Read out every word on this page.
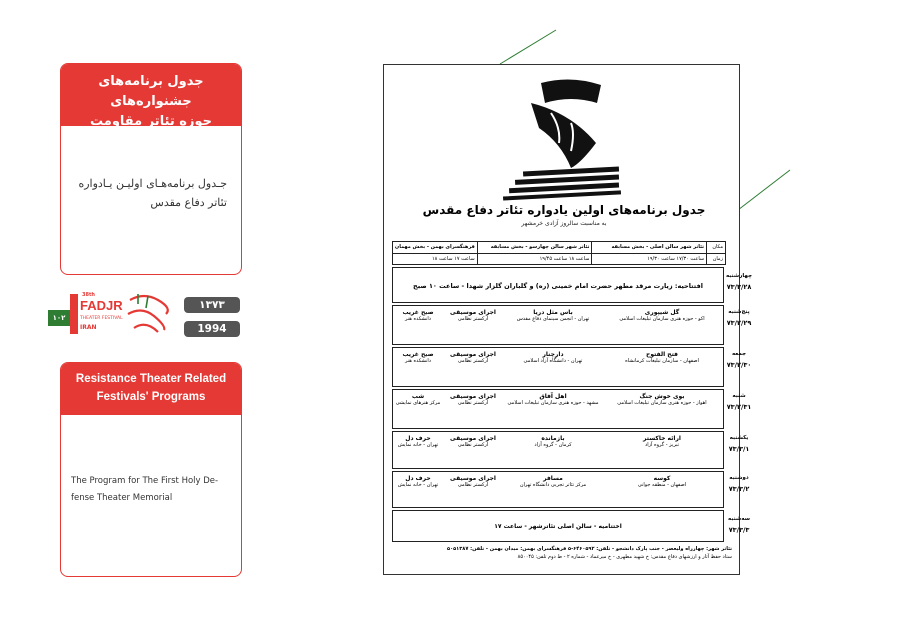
جدول برنامه‌های جشنواره‌های
حوزه تئاتر مقاومت
جـدول برنامه‌هـای اولیـن یـادواره
تئاتر دفاع مقدس
۱۰۲
38th
FADJR
THEATER FESTIVAL
IRAN
۱۳۷۳
1994
Resistance Theater Related
Festivals' Programs
The Program for The First Holy De-
fense Theater Memorial
جدول برنامه‌های اولین یادواره تئاتر دفاع مقدس
به مناسبت سالروز آزادی خرمشهر
مکان
تئاتر شهر سالن اصلی - بخش مسابقه
تئاتر شهر سالن چهارسو - بخش مسابقه
فرهنگسرای بهمن - بخش مهمان
زمان
ساعت ۱۷/۳۰ ساعت ۱۹/۳۰
ساعت ۱۸ ساعت ۱۹/۴۵
ساعت ۱۷ ساعت ۱۸
افتتاحیه: زیارت مرقد مطهر حضرت امام خمینی (ره) و گلباران گلزار شهدا - ساعت ۱۰ صبح
چهارشنبه
۷۳/۳/۲۸
پنج‌شنبه
۷۳/۲/۲۹
گل شیپوری
اکو - حوزه هنری سازمان تبلیغات اسلامی
باس مثل دریا
تهران - انجمن سینمای دفاع مقدس
اجرای موسیقی
ارکستر نظامی
صبح غریب
دانشکده هنر
جمعه
۷۳/۲/۳۰
فتح الفتوح
اصفهان - سازمان تبلیغات کرمانشاه
دارچنار
تهران - دانشگاه آزاد اسلامی
اجرای موسیقی
ارکستر نظامی
صبح غریب
دانشکده هنر
شنبه
۷۳/۲/۳۱
بوی خوش جنگ
اهواز - حوزه هنری سازمان تبلیغات اسلامی
اهل آفاق
مشهد - حوزه هنری سازمان تبلیغات اسلامی
اجرای موسیقی
ارکستر نظامی
شب
مرکز هنرهای نمایشی
یکشنبه
۷۳/۳/۱
ارائه خاکستر
تبریز - گروه آزاد
بازمانده
کرمان - گروه آزاد
اجرای موسیقی
ارکستر نظامی
حرف دل
تهران - خانه نمایش
دوشنبه
۷۳/۳/۲
کوسه
اصفهان - منطقه جوانی
مسافر
مرکز تئاتر تجربی دانشگاه تهران
اجرای موسیقی
ارکستر نظامی
حرف دل
تهران - خانه نمایش
اختتامیه - سالن اصلی تئاترشهر - ساعت ۱۷
سه‌شنبه
۷۳/۳/۳
تئاتر شهر: چهارراه ولیعصر - جنب پارک دانشجو - تلفن: ۶۴۶۰۵۹۲-۵ فرهنگسرای بهمن: میدان بهمن - تلفن: ۵۰۵۱۳۸۷
ستاد حفظ آثار و ارزشهای دفاع مقدس: خ شهید مطهری - خ میرعماد - شماره ۲ - ط دوم تلفن: ۸۵۰۰۴۵
